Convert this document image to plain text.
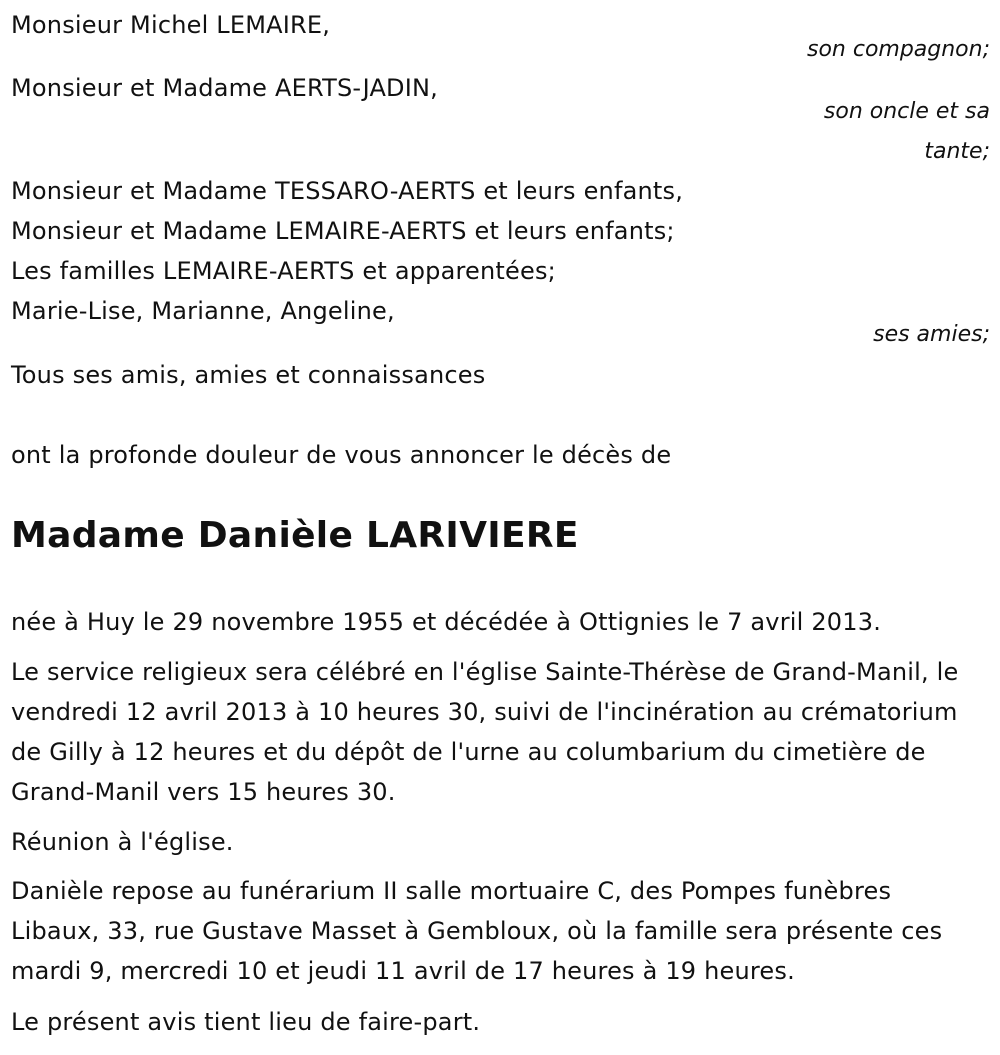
Monsieur Michel LEMAIRE,

son compagnon;

Monsieur et Madame AERTS-JADIN,

son oncle et sa

tante;

Monsieur et Madame TESSARO-AERTS et leurs enfants,

Monsieur et Madame LEMAIRE-AERTS et leurs enfants;

Les familles LEMAIRE-AERTS et apparentées;

Marie-Lise, Marianne, Angeline,

ses amies;

Tous ses amis, amies et connaissances

ont la profonde douleur de vous annoncer le décès de

Madame Danièle LARIVIERE

née à Huy le 29 novembre 1955 et décédée à Ottignies le 7 avril 2013.

Le service religieux sera célébré en l'église Sainte-Thérèse de Grand-Manil, le vendredi 12 avril 2013 à 10 heures 30, suivi de l'incinération au crématorium de Gilly à 12 heures et du dépôt de l'urne au columbarium du cimetière de Grand-Manil vers 15 heures 30.

Réunion à l'église.

Danièle repose au funérarium II salle mortuaire C, des Pompes funèbres Libaux, 33, rue Gustave Masset à Gembloux, où la famille sera présente ces mardi 9, mercredi 10 et jeudi 11 avril de 17 heures à 19 heures.

Le présent avis tient lieu de faire-part.
